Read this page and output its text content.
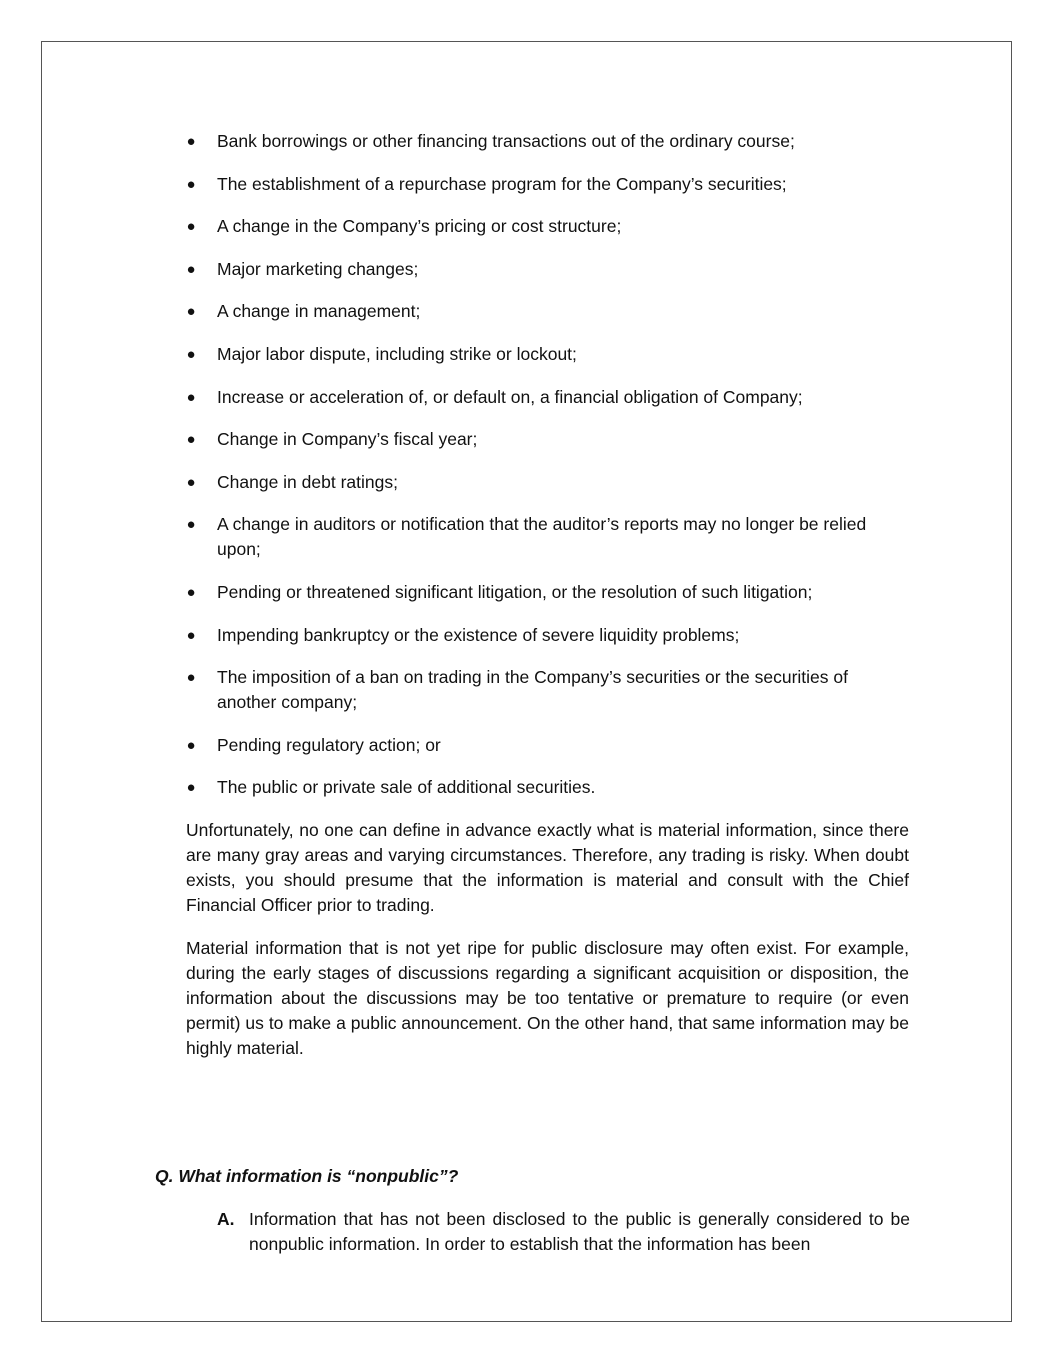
● Bank borrowings or other financing transactions out of the ordinary course;
● The establishment of a repurchase program for the Company’s securities;
● A change in the Company’s pricing or cost structure;
● Major marketing changes;
● A change in management;
● Major labor dispute, including strike or lockout;
● Increase or acceleration of, or default on, a financial obligation of Company;
● Change in Company’s fiscal year;
● Change in debt ratings;
● A change in auditors or notification that the auditor’s reports may no longer be relied upon;
● Pending or threatened significant litigation, or the resolution of such litigation;
● Impending bankruptcy or the existence of severe liquidity problems;
● The imposition of a ban on trading in the Company’s securities or the securities of another company;
● Pending regulatory action; or
● The public or private sale of additional securities.

Unfortunately, no one can define in advance exactly what is material information, since there are many gray areas and varying circumstances. Therefore, any trading is risky. When doubt exists, you should presume that the information is material and consult with the Chief Financial Officer prior to trading.

Material information that is not yet ripe for public disclosure may often exist. For example, during the early stages of discussions regarding a significant acquisition or disposition, the information about the discussions may be too tentative or premature to require (or even permit) us to make a public announcement. On the other hand, that same information may be highly material.

Q. What information is “nonpublic”?

A. Information that has not been disclosed to the public is generally considered to be nonpublic information. In order to establish that the information has been
